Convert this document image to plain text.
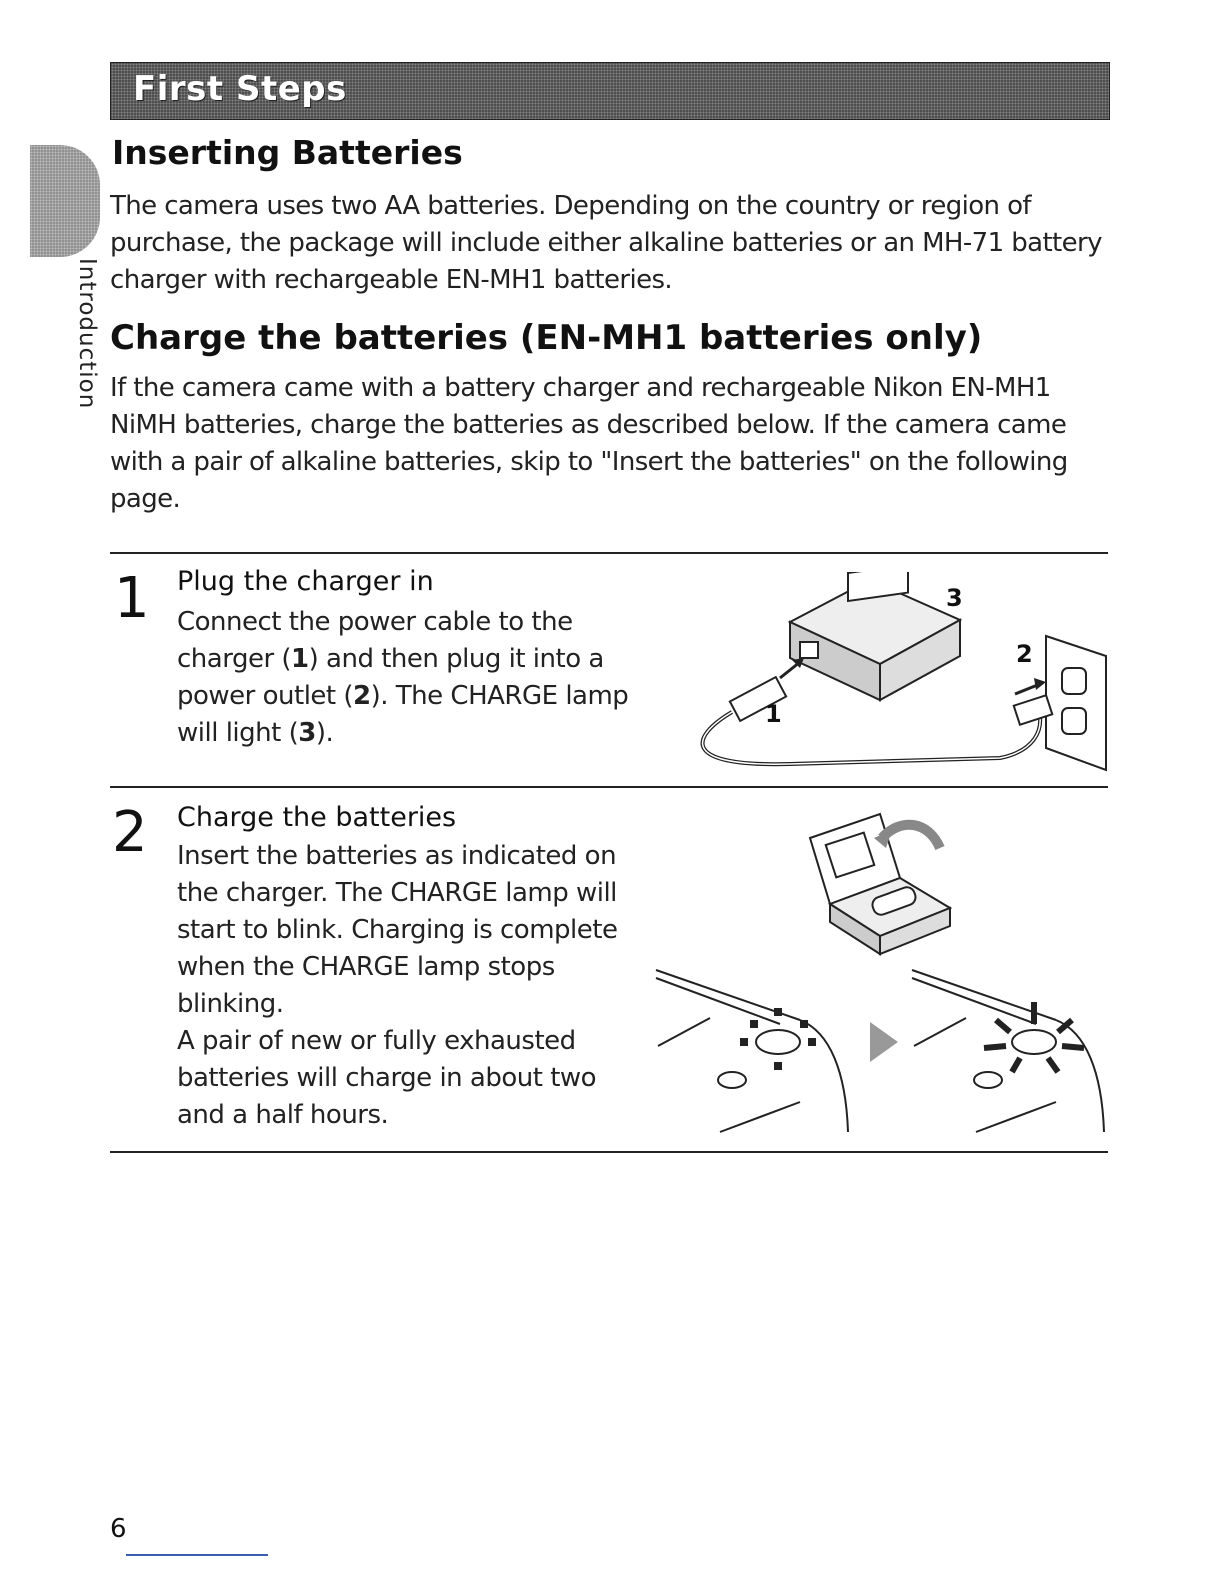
First Steps
Introduction
Inserting Batteries

The camera uses two AA batteries. Depending on the country or region of purchase, the package will include either alkaline batteries or an MH-71 battery charger with rechargeable EN-MH1 batteries.

Charge the batteries (EN-MH1 batteries only)

If the camera came with a battery charger and rechargeable Nikon EN-MH1 NiMH batteries, charge the batteries as described below. If the camera came with a pair of alkaline batteries, skip to "Insert the batteries" on the following page.

1 Plug the charger in
Connect the power cable to the
charger (1) and then plug it into a
power outlet (2). The CHARGE lamp
will light (3).
3
2
1
2 Charge the batteries
Insert the batteries as indicated on
the charger. The CHARGE lamp will
start to blink. Charging is complete
when the CHARGE lamp stops
blinking.
A pair of new or fully exhausted
batteries will charge in about two
and a half hours.
6
